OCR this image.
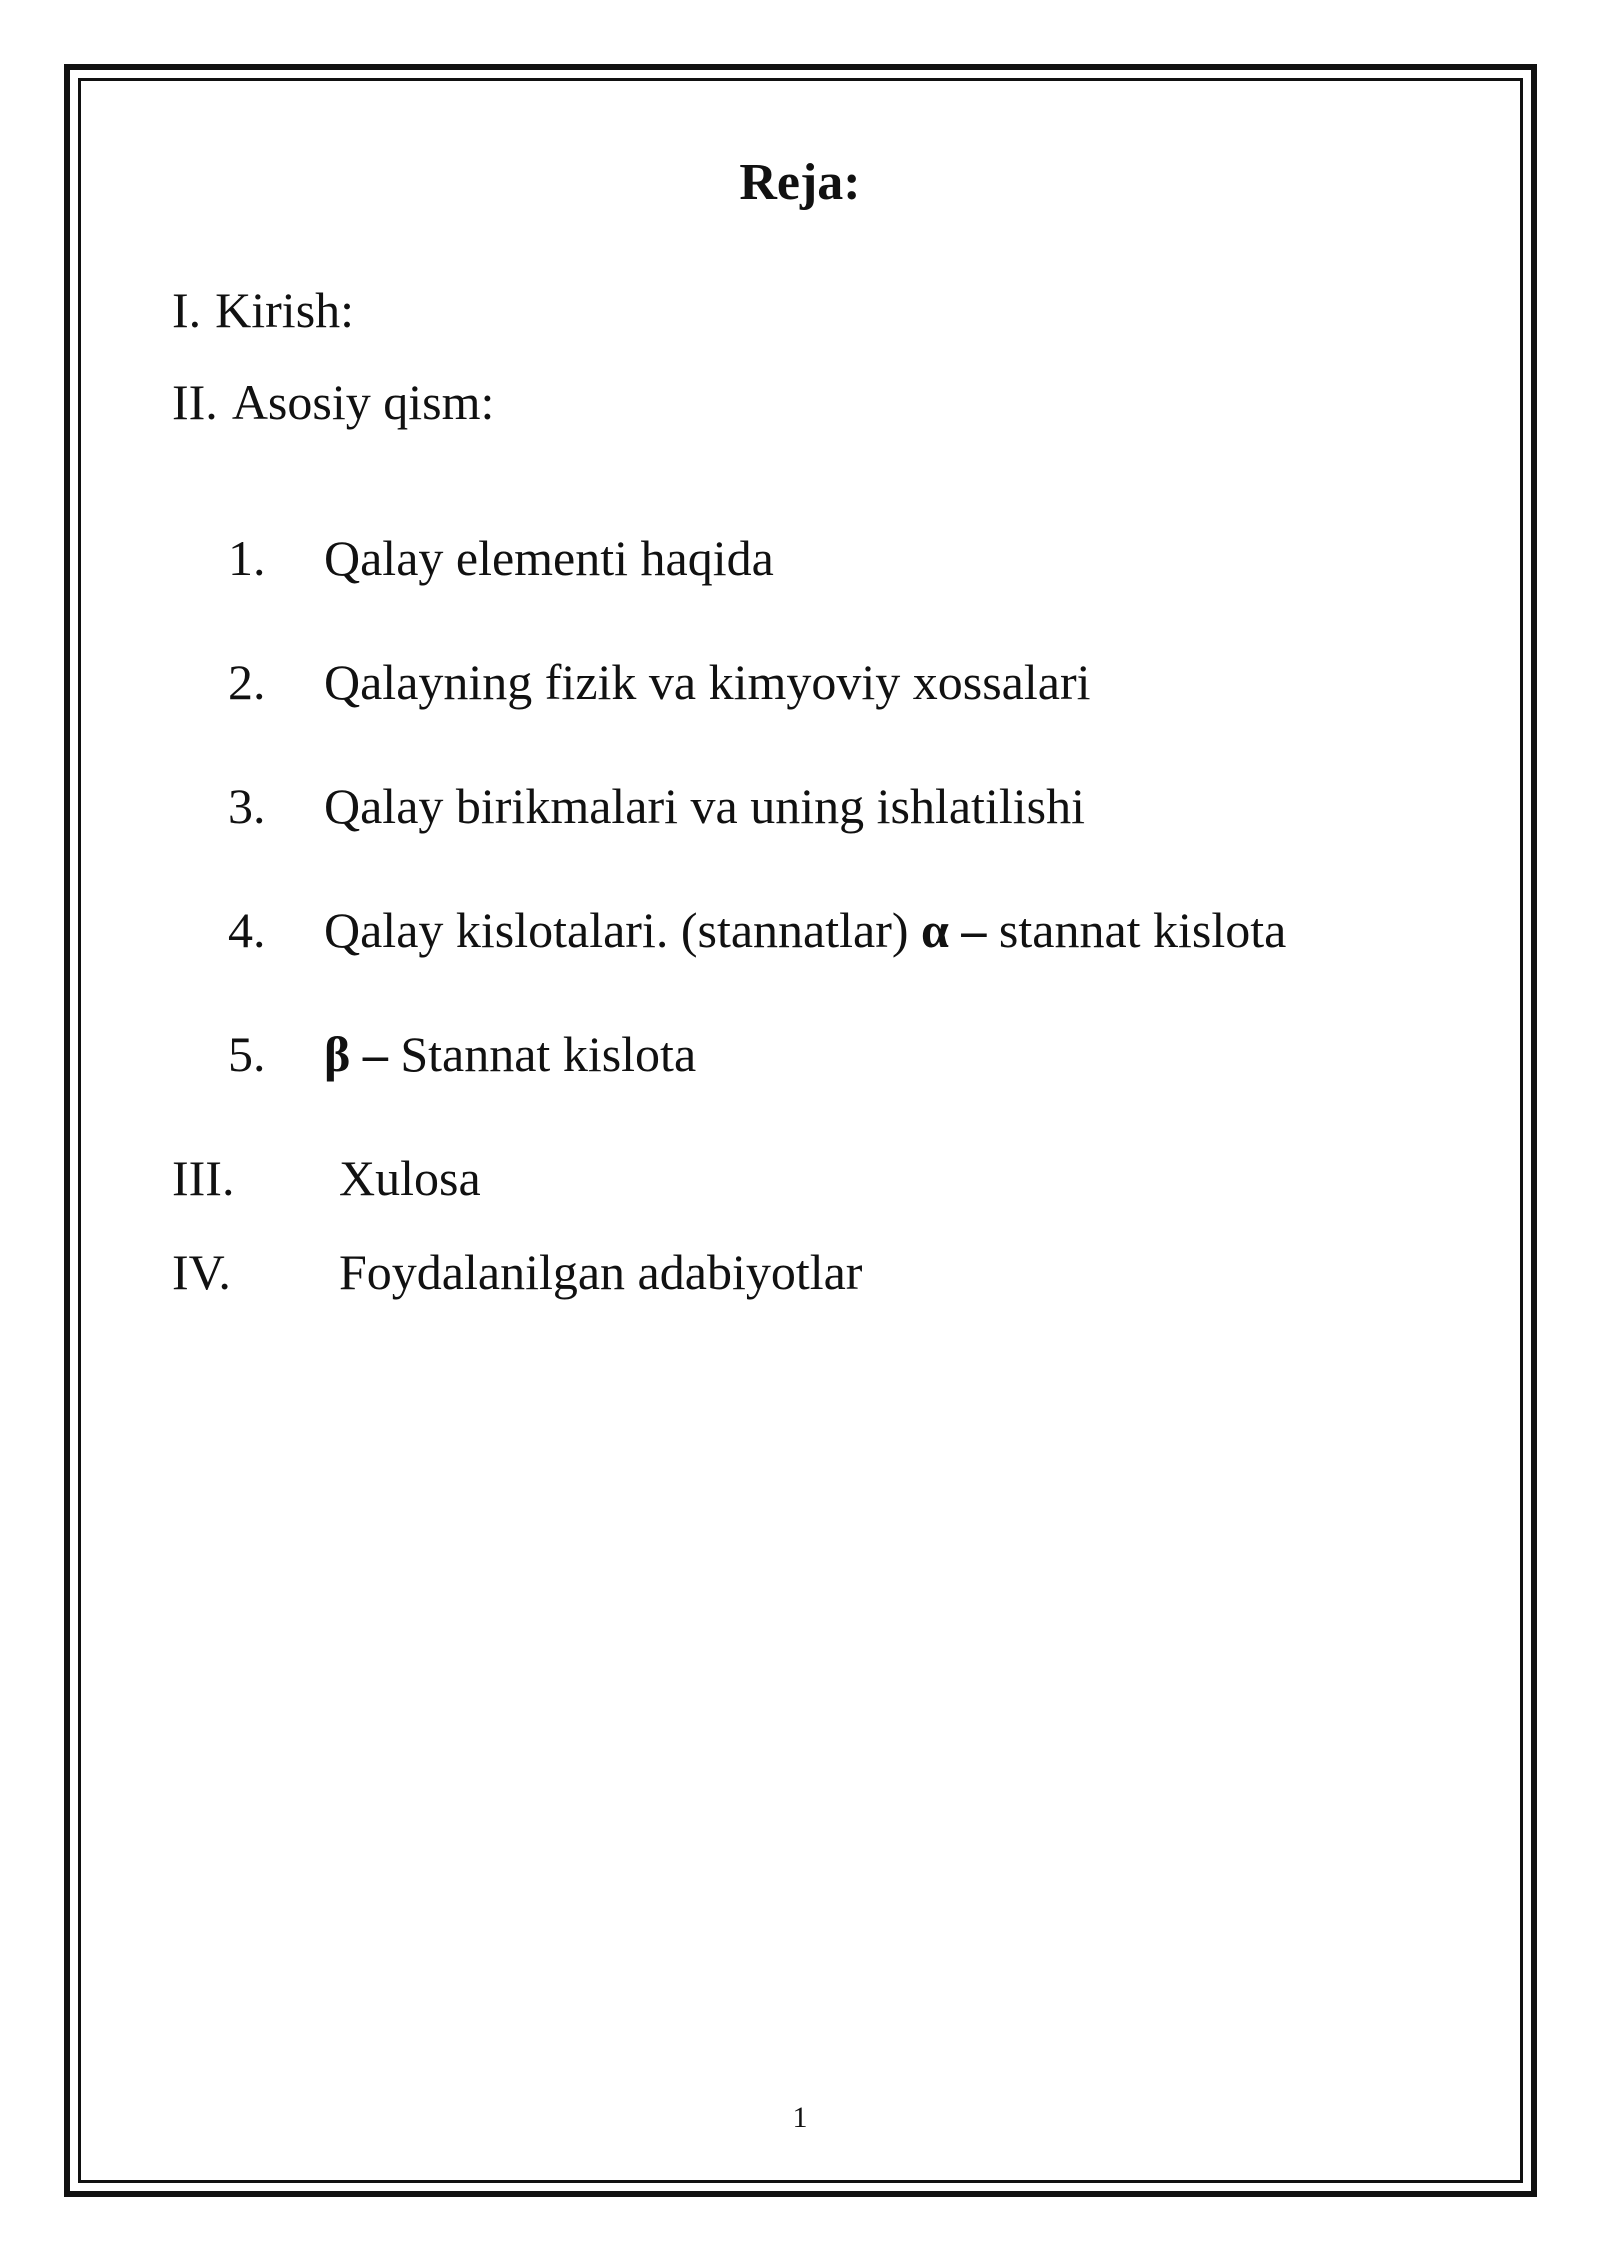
Reja:
I. Kirish:
II. Asosiy qism:
1. Qalay elementi haqida
2. Qalayning fizik va kimyoviy xossalari
3. Qalay birikmalari va uning ishlatilishi
4. Qalay kislotalari. (stannatlar) α – stannat kislota
5. β – Stannat kislota
III. Xulosa
IV. Foydalanilgan adabiyotlar
1
